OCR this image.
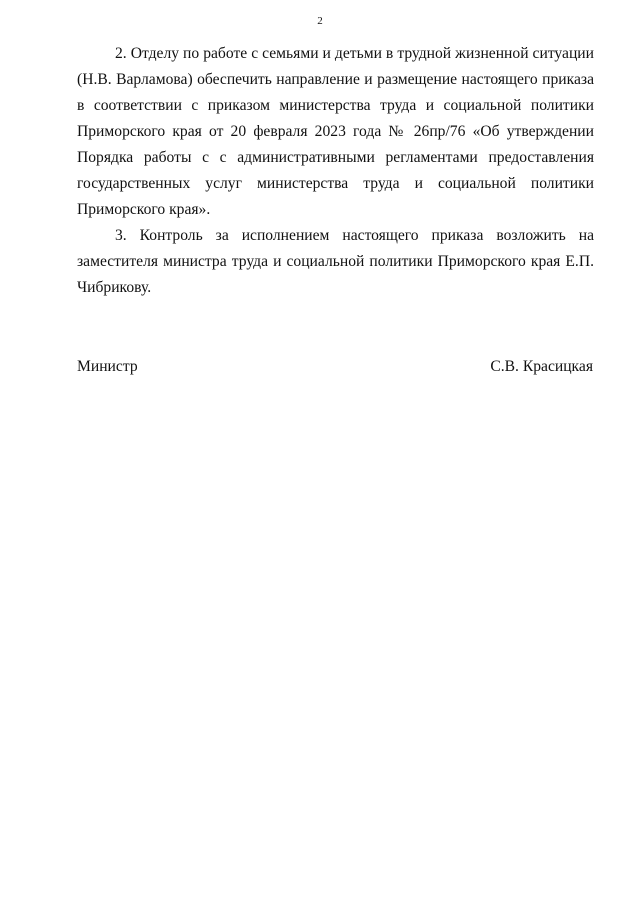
2

2. Отделу по работе с семьями и детьми в трудной жизненной ситуации (Н.В. Варламова) обеспечить направление и размещение настоящего приказа в соответствии с приказом министерства труда и социальной политики Приморского края от 20 февраля 2023 года № 26пр/76 «Об утверждении Порядка работы с с административными регламентами предоставления государственных услуг министерства труда и социальной политики Приморского края».

3. Контроль за исполнением настоящего приказа возложить на заместителя министра труда и социальной политики Приморского края Е.П. Чибрикову.

Министр	С.В. Красицкая
